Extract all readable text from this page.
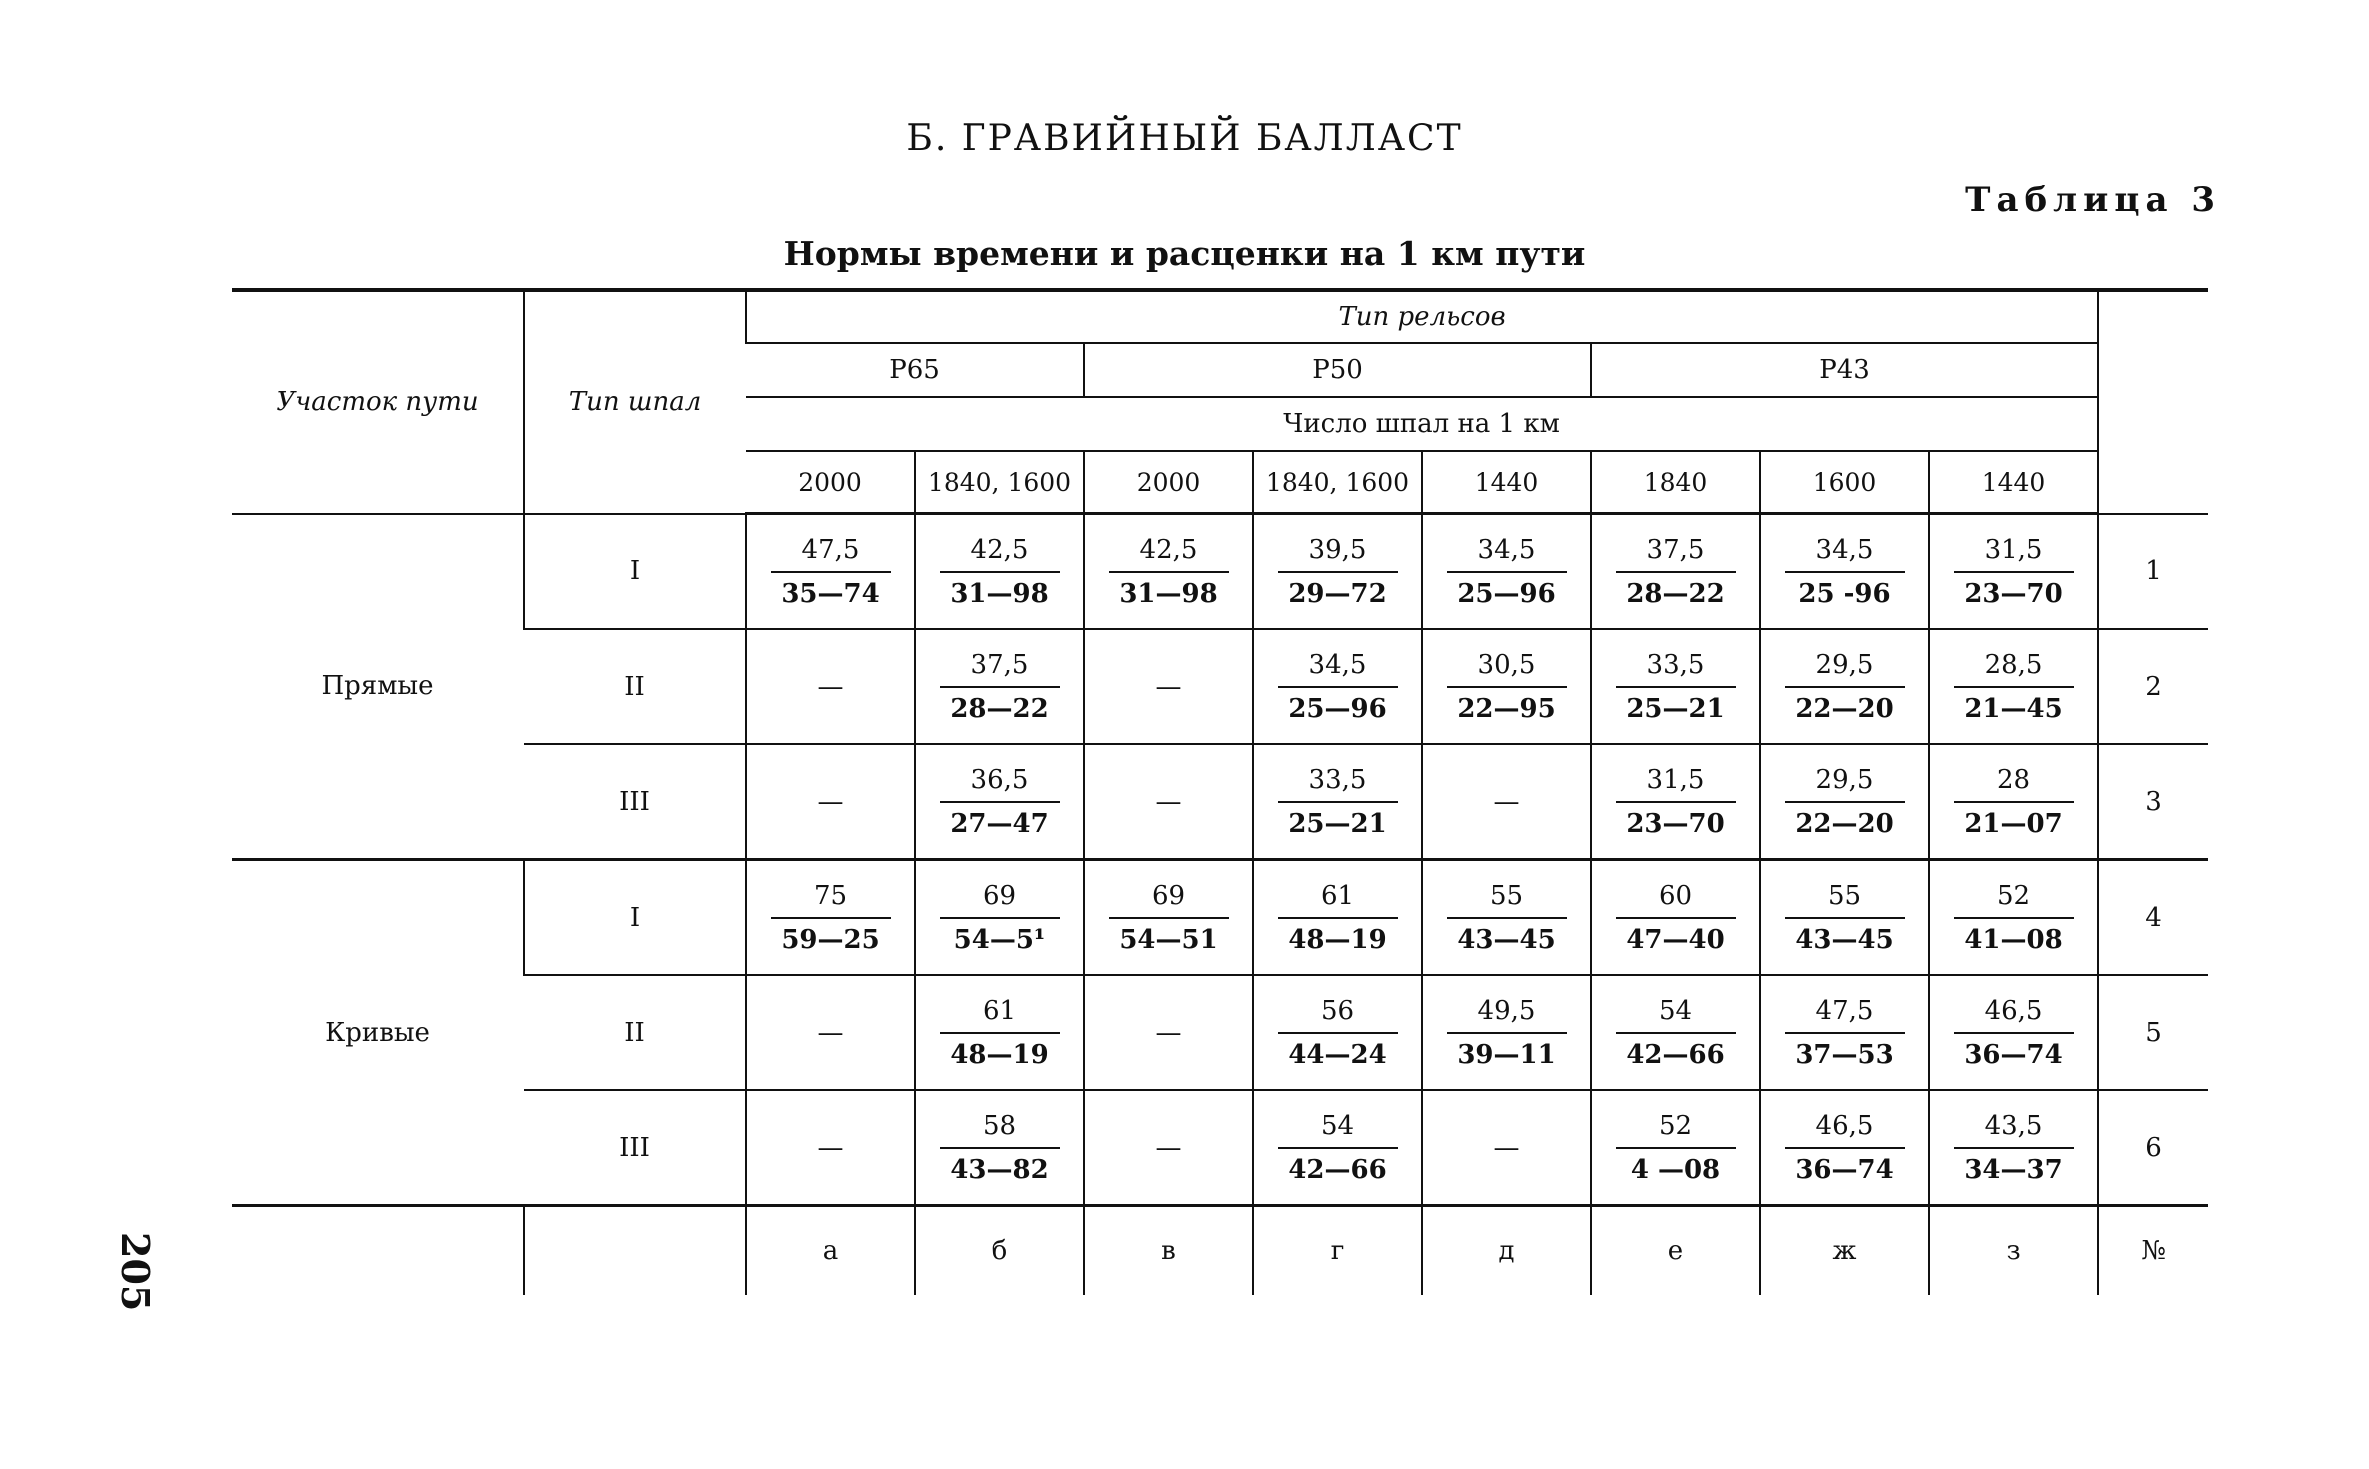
Б. ГРАВИЙНЫЙ БАЛЛАСТ
Таблица 3
Нормы времени и расценки на 1 км пути
205
Участок пути	Тип шпал	Тип рельсов								
		Р65		Р50			Р43			
		Число шпал на 1 км								
		2000	1840, 1600	2000	1840, 1600	1440	1840	1600	1440	
Прямые	I	$\frac{47,5}{35—74}$	$\frac{42,5}{31—98}$	$\frac{42,5}{31—98}$	$\frac{39,5}{29—72}$	$\frac{34,5}{25—96}$	$\frac{37,5}{28—22}$	$\frac{34,5}{25 -96}$	$\frac{31,5}{23—70}$	1
	II	—	$\frac{37,5}{28—22}$	—	$\frac{34,5}{25—96}$	$\frac{30,5}{22—95}$	$\frac{33,5}{25—21}$	$\frac{29,5}{22—20}$	$\frac{28,5}{21—45}$	2
	III	—	$\frac{36,5}{27—47}$	—	$\frac{33,5}{25—21}$	—	$\frac{31,5}{23—70}$	$\frac{29,5}{22—20}$	$\frac{28}{21—07}$	3
Кривые	I	$\frac{75}{59—25}$	$\frac{69}{\text{54—5¹}}$	$\frac{69}{54—51}$	$\frac{61}{48—19}$	$\frac{55}{43—45}$	$\frac{60}{47—40}$	$\frac{55}{43—45}$	$\frac{52}{41—08}$	4
	II	—	$\frac{61}{48—19}$	—	$\frac{56}{44—24}$	$\frac{49,5}{39—11}$	$\frac{54}{42—66}$	$\frac{47,5}{37—53}$	$\frac{46,5}{36—74}$	5
	III	—	$\frac{58}{43—82}$	—	$\frac{54}{42—66}$	—	$\frac{52}{4 —08}$	$\frac{46,5}{36—74}$	$\frac{43,5}{34—37}$	6
		а	б	в	г	д	е	ж	з	№
